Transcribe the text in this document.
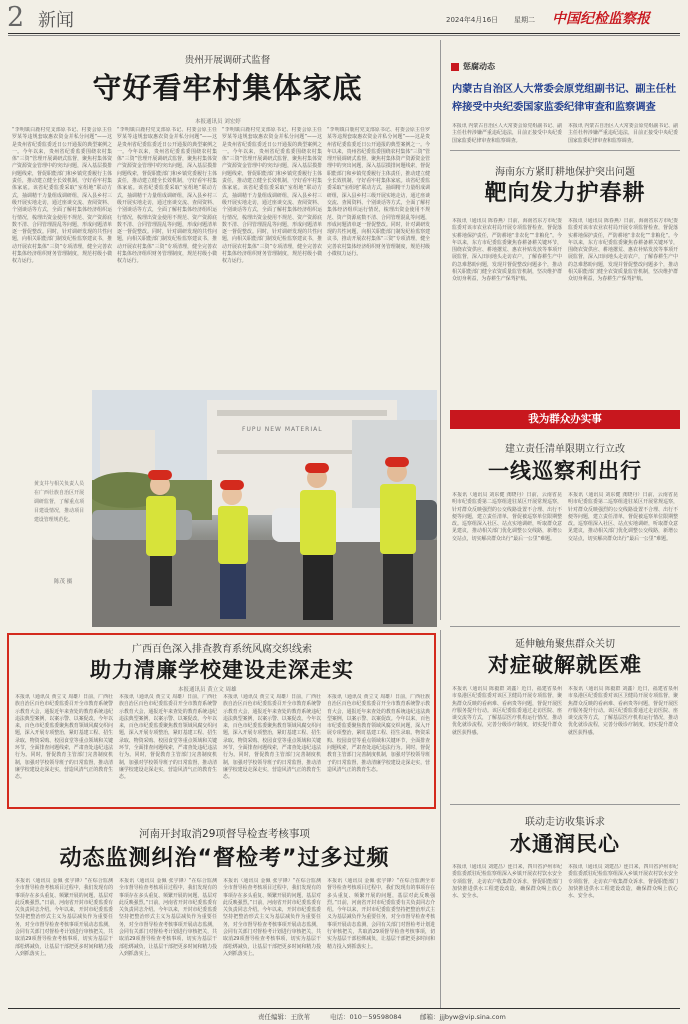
2 新闻	2024年4月16日 星期二 中国纪检监察报
贵州开展调研式监督
守好看牢村集体家底
本报通讯员 刘宏婷
“李明镇白鹿村党支部原书记、村委会原主任罗某等违规套取惠农资金并私分问题”——这是贵州省纪委监委近日公开通报的典型案例之一。今年以来，贵州省纪委监委围绕农村集体“三资”管理开展调研式监督，聚焦村集体资产资源资金管理中的突出问题，深入基层摸排问题线索，督促职能部门和乡镇党委履行主体责任，推动建立健全长效机制，守好看牢村集体家底。该省纪委监委采取“室组地”联动方式，抽调精干力量组成调研组，深入县乡村三级开展实地走访，通过座谈交流、查阅资料、个别谈话等方式，全面了解村集体经济组织运行情况，梳理出资金使用不规范、资产资源底数不清、合同管理混乱等问题，形成问题清单逐一督促整改。同时，针对调研发现的共性问题，向相关职能部门制发纪检监察建议书，推动开展农村集体“三资”专项清理，健全完善农村集体经济组织财务管理制度，规范村级小微权力运行。
“李明镇白鹿村党支部原书记、村委会原主任罗某等违规套取惠农资金并私分问题”——这是贵州省纪委监委近日公开通报的典型案例之一。今年以来，贵州省纪委监委围绕农村集体“三资”管理开展调研式监督，聚焦村集体资产资源资金管理中的突出问题，深入基层摸排问题线索，督促职能部门和乡镇党委履行主体责任，推动建立健全长效机制，守好看牢村集体家底。该省纪委监委采取“室组地”联动方式，抽调精干力量组成调研组，深入县乡村三级开展实地走访，通过座谈交流、查阅资料、个别谈话等方式，全面了解村集体经济组织运行情况，梳理出资金使用不规范、资产资源底数不清、合同管理混乱等问题，形成问题清单逐一督促整改。同时，针对调研发现的共性问题，向相关职能部门制发纪检监察建议书，推动开展农村集体“三资”专项清理，健全完善农村集体经济组织财务管理制度，规范村级小微权力运行。
“李明镇白鹿村党支部原书记、村委会原主任罗某等违规套取惠农资金并私分问题”——这是贵州省纪委监委近日公开通报的典型案例之一。今年以来，贵州省纪委监委围绕农村集体“三资”管理开展调研式监督，聚焦村集体资产资源资金管理中的突出问题，深入基层摸排问题线索，督促职能部门和乡镇党委履行主体责任，推动建立健全长效机制，守好看牢村集体家底。该省纪委监委采取“室组地”联动方式，抽调精干力量组成调研组，深入县乡村三级开展实地走访，通过座谈交流、查阅资料、个别谈话等方式，全面了解村集体经济组织运行情况，梳理出资金使用不规范、资产资源底数不清、合同管理混乱等问题，形成问题清单逐一督促整改。同时，针对调研发现的共性问题，向相关职能部门制发纪检监察建议书，推动开展农村集体“三资”专项清理，健全完善农村集体经济组织财务管理制度，规范村级小微权力运行。
“李明镇白鹿村党支部原书记、村委会原主任罗某等违规套取惠农资金并私分问题”——这是贵州省纪委监委近日公开通报的典型案例之一。今年以来，贵州省纪委监委围绕农村集体“三资”管理开展调研式监督，聚焦村集体资产资源资金管理中的突出问题，深入基层摸排问题线索，督促职能部门和乡镇党委履行主体责任，推动建立健全长效机制，守好看牢村集体家底。该省纪委监委采取“室组地”联动方式，抽调精干力量组成调研组，深入县乡村三级开展实地走访，通过座谈交流、查阅资料、个别谈话等方式，全面了解村集体经济组织运行情况，梳理出资金使用不规范、资产资源底数不清、合同管理混乱等问题，形成问题清单逐一督促整改。同时，针对调研发现的共性问题，向相关职能部门制发纪检监察建议书，推动开展农村集体“三资”专项清理，健全完善农村集体经济组织财务管理制度，规范村级小微权力运行。
FUPU NEW MATERIAL
黄支井与相关负责人员在广西壮族自治区开展调研监督，了解重点项目建设情况，推动项目建设管理规范化。
陈茂 摄
惩腐动态
内蒙古自治区人大常委会原党组副书记、副主任杜梓接受中央纪委国家监委纪律审查和监察调查
本报讯 内蒙古自治区人大常委会原党组副书记、副主任杜梓涉嫌严重违纪违法，目前正接受中央纪委国家监委纪律审查和监察调查。
本报讯 内蒙古自治区人大常委会原党组副书记、副主任杜梓涉嫌严重违纪违法，目前正接受中央纪委国家监委纪律审查和监察调查。
海南东方紧盯耕地保护突出问题
靶向发力护春耕
本报讯（通讯员 陈春燕）日前，海南省东方市纪委监委对该市农业农村局开展专项监督检查，督促落实耕地保护责任，严防耕地“非农化”“非粮化”。今年以来，东方市纪委监委聚焦春耕备耕关键环节，围绕农资供应、耕地撂荒、惠农补贴发放等事项开展监督，深入田间地头走访农户，了解春耕生产中的急难愁盼问题，发现并督促整改问题多个，推动相关职能部门健全农资质量监管机制，坚决维护群众切身利益，为春耕生产保驾护航。
本报讯（通讯员 陈春燕）日前，海南省东方市纪委监委对该市农业农村局开展专项监督检查，督促落实耕地保护责任，严防耕地“非农化”“非粮化”。今年以来，东方市纪委监委聚焦春耕备耕关键环节，围绕农资供应、耕地撂荒、惠农补贴发放等事项开展监督，深入田间地头走访农户，了解春耕生产中的急难愁盼问题，发现并督促整改问题多个，推动相关职能部门健全农资质量监管机制，坚决维护群众切身利益，为春耕生产保驾护航。
我为群众办实事
建立责任清单限期立行立改
一线巡察利出行
本报讯（通讯员 刘东健 龚晓丹）日前，云南省昆明市纪委监委第二巡察组进驻某区开展常规巡察，针对群众反映强烈的公交线路设置不合理、出行不便等问题，建立责任清单，督促被巡察单位限期整改。巡察组深入社区、站点实地调研，听取群众意见建议，推动相关部门优化调整公交线路，新增公交站点，切实解决群众出行“最后一公里”难题。
本报讯（通讯员 刘东健 龚晓丹）日前，云南省昆明市纪委监委第二巡察组进驻某区开展常规巡察，针对群众反映强烈的公交线路设置不合理、出行不便等问题，建立责任清单，督促被巡察单位限期整改。巡察组深入社区、站点实地调研，听取群众意见建议，推动相关部门优化调整公交线路，新增公交站点，切实解决群众出行“最后一公里”难题。
延伸触角聚焦群众关切
对症破解就医难
本报讯（通讯员 陈毅群 刘鑫）近日，福建省泉州市泉港区纪委监委对该区卫健局开展专项监督，聚焦群众反映的看病难、看病贵等问题，督促开展医疗服务提升行动。该区纪委监委通过走访医院、座谈交流等方式，了解基层医疗机构运行情况，推动优化就诊流程，完善分级诊疗制度，切实提升群众就医获得感。
本报讯（通讯员 陈毅群 刘鑫）近日，福建省泉州市泉港区纪委监委对该区卫健局开展专项监督，聚焦群众反映的看病难、看病贵等问题，督促开展医疗服务提升行动。该区纪委监委通过走访医院、座谈交流等方式，了解基层医疗机构运行情况，推动优化就诊流程，完善分级诊疗制度，切实提升群众就医获得感。
联动走访收集诉求
水通润民心
本报讯（通讯员 刘建昌）连日来，四川省泸州市纪委监委派驻纪检监察组深入乡镇开展农村饮水安全专项监督，走访农户收集群众诉求，督促职能部门加快推进供水工程建设改造，确保群众喝上放心水、安全水。
本报讯（通讯员 刘建昌）连日来，四川省泸州市纪委监委派驻纪检监察组深入乡镇开展农村饮水安全专项监督，走访农户收集群众诉求，督促职能部门加快推进供水工程建设改造，确保群众喝上放心水、安全水。
广西百色深入排查教育系统风腐交织线索
助力清廉学校建设走深走实
本报通讯员 黄立文 周雄
本报讯（通讯员 黄立文 周雄）日前，广西壮族自治区百色市纪委监委召开全市教育系统警示教育大会，通报近年来查处的教育系统违纪违法典型案例，以案示警、以案促改。今年以来，百色市纪委监委聚焦教育领域风腐交织问题，深入开展专项整治，紧盯基建工程、招生录取、物资采购、校园食堂等重点领域和关键环节，全面排查问题线索，严肃查处违纪违法行为。同时，督促教育主管部门完善制度机制，加强对学校领导班子的日常监督，推动清廉学校建设走深走实，营造风清气正的教育生态。
本报讯（通讯员 黄立文 周雄）日前，广西壮族自治区百色市纪委监委召开全市教育系统警示教育大会，通报近年来查处的教育系统违纪违法典型案例，以案示警、以案促改。今年以来，百色市纪委监委聚焦教育领域风腐交织问题，深入开展专项整治，紧盯基建工程、招生录取、物资采购、校园食堂等重点领域和关键环节，全面排查问题线索，严肃查处违纪违法行为。同时，督促教育主管部门完善制度机制，加强对学校领导班子的日常监督，推动清廉学校建设走深走实，营造风清气正的教育生态。
本报讯（通讯员 黄立文 周雄）日前，广西壮族自治区百色市纪委监委召开全市教育系统警示教育大会，通报近年来查处的教育系统违纪违法典型案例，以案示警、以案促改。今年以来，百色市纪委监委聚焦教育领域风腐交织问题，深入开展专项整治，紧盯基建工程、招生录取、物资采购、校园食堂等重点领域和关键环节，全面排查问题线索，严肃查处违纪违法行为。同时，督促教育主管部门完善制度机制，加强对学校领导班子的日常监督，推动清廉学校建设走深走实，营造风清气正的教育生态。
本报讯（通讯员 黄立文 周雄）日前，广西壮族自治区百色市纪委监委召开全市教育系统警示教育大会，通报近年来查处的教育系统违纪违法典型案例，以案示警、以案促改。今年以来，百色市纪委监委聚焦教育领域风腐交织问题，深入开展专项整治，紧盯基建工程、招生录取、物资采购、校园食堂等重点领域和关键环节，全面排查问题线索，严肃查处违纪违法行为。同时，督促教育主管部门完善制度机制，加强对学校领导班子的日常监督，推动清廉学校建设走深走实，营造风清气正的教育生态。
河南开封取消29项督导检查考核事项
动态监测纠治“督检考”过多过频
本报讯（通讯员 金佩 张宇锋）“在综合监测全市督导检查考核项目过程中，我们发现有的事项存在多头重复、频繁开展的问题，基层对此反映强烈。”日前，河南省开封市纪委监委有关负责同志介绍。今年以来，开封市纪委监委坚持把整治形式主义为基层减负作为重要任务，对全市督导检查考核事项开展动态监测，会同有关部门对督检考计划进行审核把关，共取消29项督导检查考核事项，切实为基层干部松绑减负，让基层干部把更多时间和精力投入到抓落实上。
本报讯（通讯员 金佩 张宇锋）“在综合监测全市督导检查考核项目过程中，我们发现有的事项存在多头重复、频繁开展的问题，基层对此反映强烈。”日前，河南省开封市纪委监委有关负责同志介绍。今年以来，开封市纪委监委坚持把整治形式主义为基层减负作为重要任务，对全市督导检查考核事项开展动态监测，会同有关部门对督检考计划进行审核把关，共取消29项督导检查考核事项，切实为基层干部松绑减负，让基层干部把更多时间和精力投入到抓落实上。
本报讯（通讯员 金佩 张宇锋）“在综合监测全市督导检查考核项目过程中，我们发现有的事项存在多头重复、频繁开展的问题，基层对此反映强烈。”日前，河南省开封市纪委监委有关负责同志介绍。今年以来，开封市纪委监委坚持把整治形式主义为基层减负作为重要任务，对全市督导检查考核事项开展动态监测，会同有关部门对督检考计划进行审核把关，共取消29项督导检查考核事项，切实为基层干部松绑减负，让基层干部把更多时间和精力投入到抓落实上。
本报讯（通讯员 金佩 张宇锋）“在综合监测全市督导检查考核项目过程中，我们发现有的事项存在多头重复、频繁开展的问题，基层对此反映强烈。”日前，河南省开封市纪委监委有关负责同志介绍。今年以来，开封市纪委监委坚持把整治形式主义为基层减负作为重要任务，对全市督导检查考核事项开展动态监测，会同有关部门对督检考计划进行审核把关，共取消29项督导检查考核事项，切实为基层干部松绑减负，让基层干部把更多时间和精力投入到抓落实上。
责任编辑：王欣苇	电话：010－59598084	邮箱：jjjbyw@vip.sina.com
